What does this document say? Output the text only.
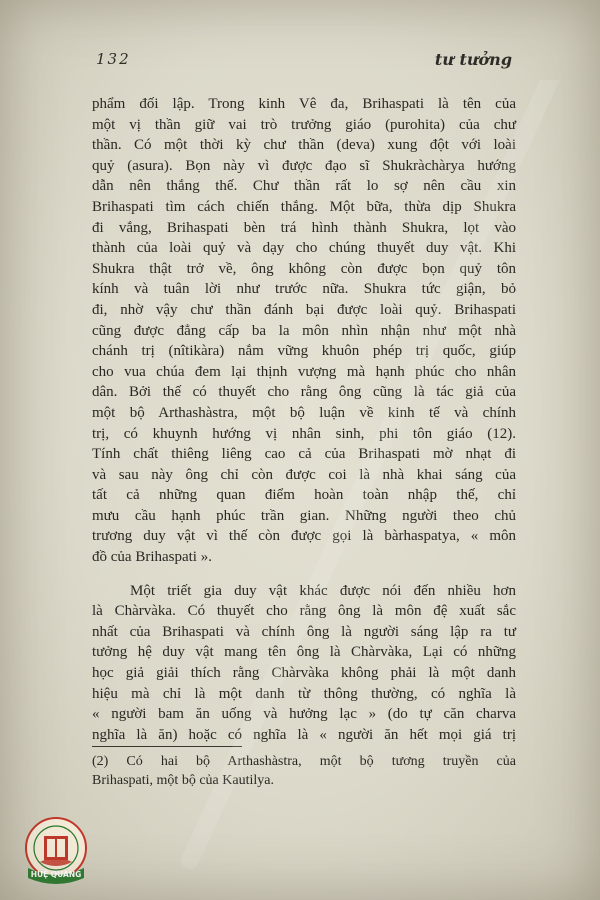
132	tư tưởng
phẩm đối lập. Trong kinh Vê đa, Brihaspati là tên của
một vị thần giữ vai trò trưởng giáo (purohita) của chư
thần. Có một thời kỳ chư thần (deva) xung đột với loài
quỷ (asura). Bọn này vì được đạo sĩ Shukràchàrya hướng
dẫn nên thắng thế. Chư thần rất lo sợ nên cầu xin
Brihaspati tìm cách chiến thắng. Một bữa, thừa dịp Shukra
đi vắng, Brihaspati bèn trá hình thành Shukra, lọt vào
thành của loài quỷ và dạy cho chúng thuyết duy vật. Khi
Shukra thật trở về, ông không còn được bọn quỷ tôn
kính và tuân lời như trước nữa. Shukra tức giận, bỏ
đi, nhờ vậy chư thần đánh bại được loài quỷ. Brihaspati
cũng được đẳng cấp ba la môn nhìn nhận như một nhà
chánh trị (nîtikàra) nắm vững khuôn phép trị quốc, giúp
cho vua chúa đem lại thịnh vượng mà hạnh phúc cho nhân
dân. Bởi thế có thuyết cho rằng ông cũng là tác giả của
một bộ Arthashàstra, một bộ luận về kinh tế và chính
trị, có khuynh hướng vị nhân sinh, phi tôn giáo (12).
Tính chất thiêng liêng cao cả của Brihaspati mờ nhạt đi
và sau này ông chỉ còn được coi là nhà khai sáng của
tất cả những quan điểm hoàn toàn nhập thế, chỉ
mưu cầu hạnh phúc trần gian. Những người theo chủ
trương duy vật vì thế còn được gọi là bàrhaspatya, « môn
đồ của Brihaspati ».
Một triết gia duy vật khác được nói đến nhiều hơn
là Chàrvàka. Có thuyết cho rằng ông là môn đệ xuất sắc
nhất của Brihaspati và chính ông là người sáng lập ra tư
tưởng hệ duy vật mang tên ông là Chàrvàka, Lại có những
học giả giải thích rằng Chàrvàka không phải là một danh
hiệu mà chỉ là một danh từ thông thường, có nghĩa là
« người bam ăn uống và hưởng lạc » (do tự căn charva
nghĩa là ăn) hoặc có nghĩa là « người ăn hết mọi giá trị
(2) Có hai bộ Arthashàstra, một bộ tương truyền của
Brihaspati, một bộ của Kautilya.
HUỆ QUANG
